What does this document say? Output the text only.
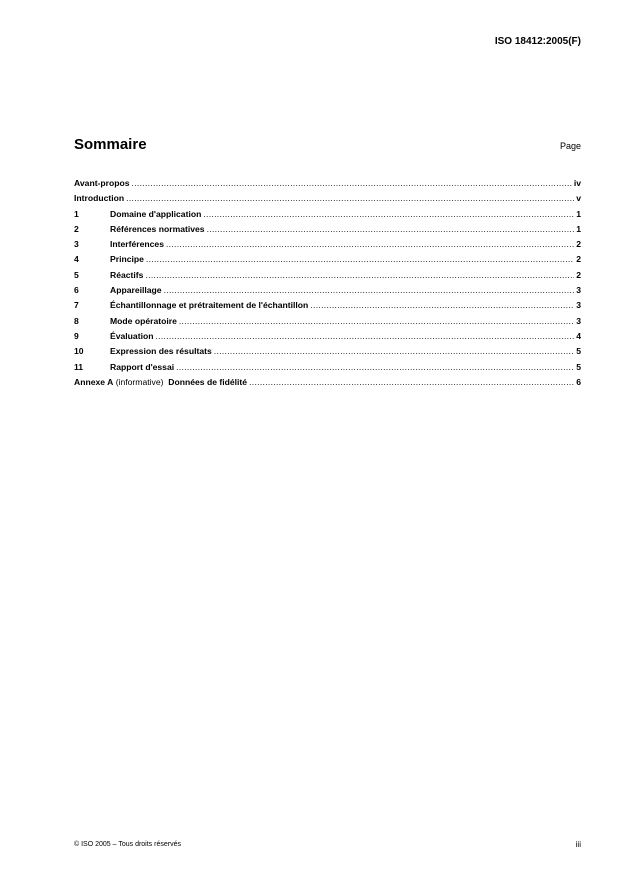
ISO 18412:2005(F)
Sommaire	Page
Avant-propos .....	iv
Introduction .....	v
1	Domaine d'application .....	1
2	Références normatives .....	1
3	Interférences .....	2
4	Principe .....	2
5	Réactifs .....	2
6	Appareillage .....	3
7	Échantillonnage et prétraitement de l'échantillon .....	3
8	Mode opératoire .....	3
9	Évaluation .....	4
10	Expression des résultats .....	5
11	Rapport d'essai .....	5
Annexe A (informative) Données de fidélité .....	6
© ISO 2005 – Tous droits réservés	iii
